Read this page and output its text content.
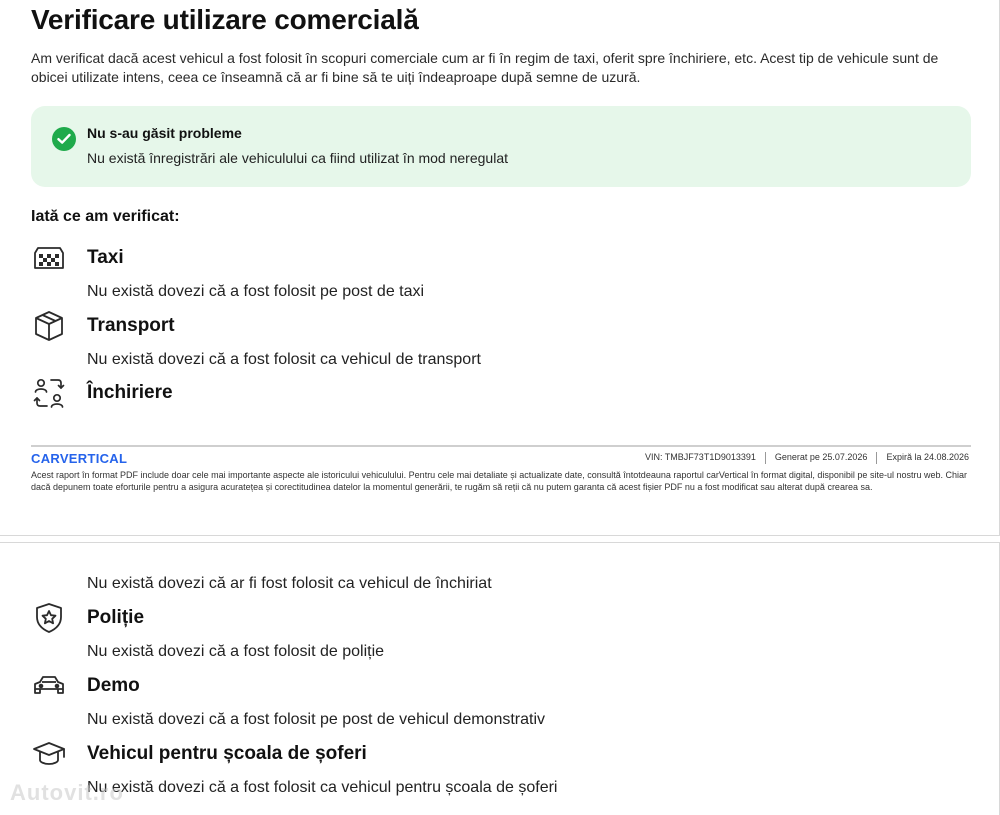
Verificare utilizare comercială

Am verificat dacă acest vehicul a fost folosit în scopuri comerciale cum ar fi în regim de taxi, oferit spre închiriere, etc. Acest tip de vehicule sunt de obicei utilizate intens, ceea ce înseamnă că ar fi bine să te uiți îndeaproape după semne de uzură.

Nu s-au găsit probleme
Nu există înregistrări ale vehiculului ca fiind utilizat în mod neregulat
Iată ce am verificat:
Taxi
Nu există dovezi că a fost folosit pe post de taxi
Transport
Nu există dovezi că a fost folosit ca vehicul de transport
Închiriere
CARVERTICAL	VIN: TMBJF73T1D9013391 Generat pe 25.07.2026 Expiră la 24.08.2026

Acest raport în format PDF include doar cele mai importante aspecte ale istoricului vehiculului. Pentru cele mai detaliate și actualizate date, consultă întotdeauna raportul carVertical în format digital, disponibil pe site-ul nostru web. Chiar dacă depunem toate eforturile pentru a asigura acuratețea și corectitudinea datelor la momentul generării, te rugăm să reții că nu putem garanta că acest fișier PDF nu a fost modificat sau alterat după crearea sa.

Nu există dovezi că ar fi fost folosit ca vehicul de închiriat
Poliție
Nu există dovezi că a fost folosit de poliție
Demo
Nu există dovezi că a fost folosit pe post de vehicul demonstrativ
Vehicul pentru școala de șoferi
Nu există dovezi că a fost folosit ca vehicul pentru școala de șoferi
Autovit.ro
